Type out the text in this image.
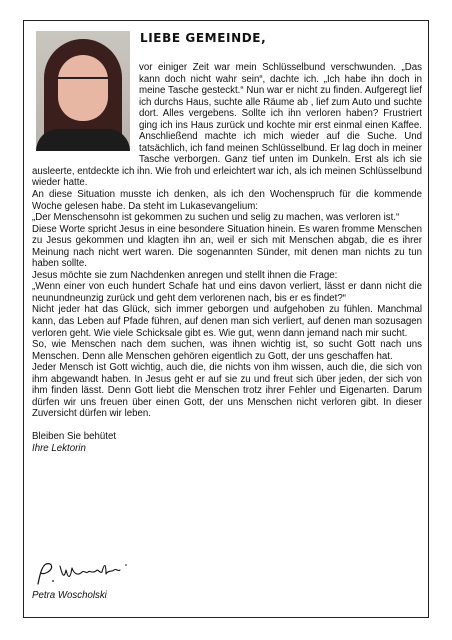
LIEBE GEMEINDE,

vor einiger Zeit war mein Schlüsselbund verschwunden. „Das kann doch nicht wahr sein“, dachte ich. „Ich habe ihn doch in meine Tasche gesteckt.“ Nun war er nicht zu finden. Aufgeregt lief ich durchs Haus, suchte alle Räume ab , lief zum Auto und suchte dort. Alles vergebens. Sollte ich ihn verloren haben? Frustriert ging ich ins Haus zurück und kochte mir erst einmal einen Kaffee. Anschließend machte ich mich wieder auf die Suche. Und tatsächlich, ich fand meinen Schlüsselbund. Er lag doch in meiner Tasche verborgen. Ganz tief unten im Dunkeln. Erst als ich sie ausleerte, entdeckte ich ihn. Wie froh und erleichtert war ich, als ich meinen Schlüsselbund wieder hatte.

An diese Situation musste ich denken, als ich den Wochenspruch für die kommende Woche gelesen habe. Da steht im Lukasevangelium:

„Der Menschensohn ist gekommen zu suchen und selig zu machen, was verloren ist.“

Diese Worte spricht Jesus in eine besondere Situation hinein. Es waren fromme Menschen zu Jesus gekommen und klagten ihn an, weil er sich mit Menschen abgab, die es ihrer Meinung nach nicht wert waren. Die sogenannten Sünder, mit denen man nichts zu tun haben sollte.

Jesus möchte sie zum Nachdenken anregen und stellt ihnen die Frage:

„Wenn einer von euch hundert Schafe hat und eins davon verliert, lässt er dann nicht die neunundneunzig zurück und geht dem verlorenen nach, bis er es findet?“

Nicht jeder hat das Glück, sich immer geborgen und aufgehoben zu fühlen. Manchmal kann, das Leben auf Pfade führen, auf denen man sich verliert, auf denen man sozusagen verloren geht. Wie viele Schicksale gibt es. Wie gut, wenn dann jemand nach mir sucht.

So, wie Menschen nach dem suchen, was ihnen wichtig ist, so sucht Gott nach uns Menschen. Denn alle Menschen gehören eigentlich zu Gott, der uns geschaffen hat.

Jeder Mensch ist Gott wichtig, auch die, die nichts von ihm wissen, auch die, die sich von ihm abgewandt haben. In Jesus geht er auf sie zu und freut sich über jeden, der sich von ihm finden lässt. Denn Gott liebt die Menschen trotz ihrer Fehler und Eigenarten. Darum dürfen wir uns freuen über einen Gott, der uns Menschen nicht verloren gibt. In dieser Zuversicht dürfen wir leben.

Bleiben Sie behütet

Ihre Lektorin

Petra Woscholski
